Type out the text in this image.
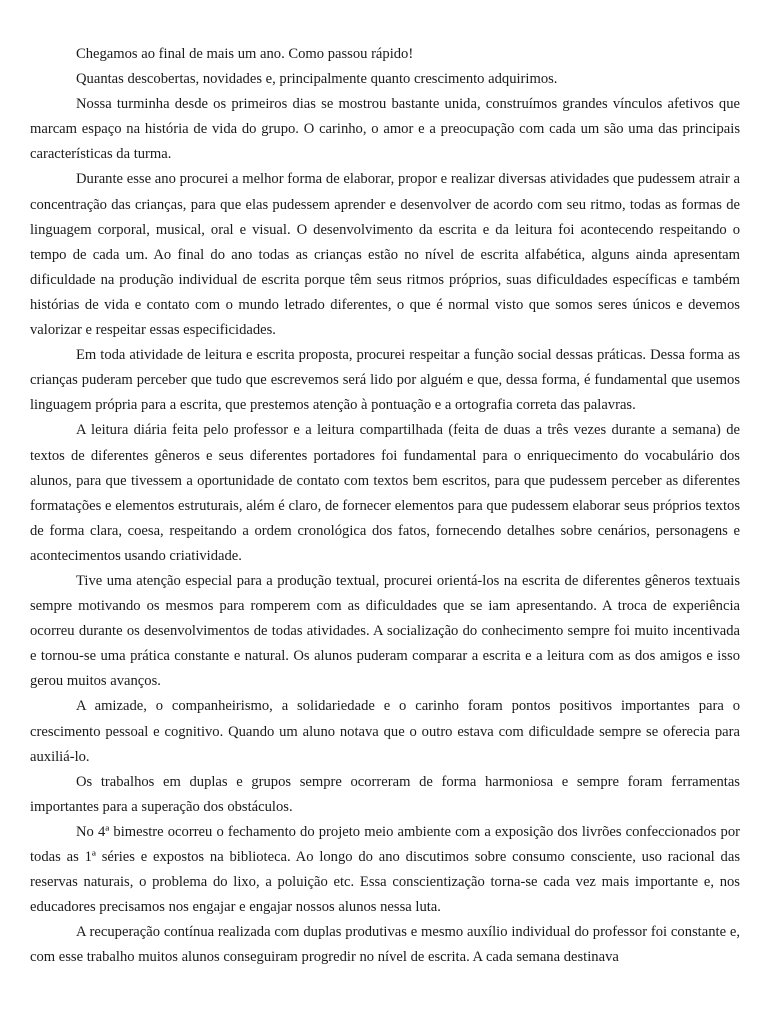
Chegamos ao final de mais um ano. Como passou rápido!

Quantas descobertas, novidades e, principalmente quanto crescimento adquirimos.

Nossa turminha desde os primeiros dias se mostrou bastante unida, construímos grandes vínculos afetivos que marcam espaço na história de vida do grupo. O carinho, o amor e a preocupação com cada um são uma das principais características da turma.

Durante esse ano procurei a melhor forma de elaborar, propor e realizar diversas atividades que pudessem atrair a concentração das crianças, para que elas pudessem aprender e desenvolver de acordo com seu ritmo, todas as formas de linguagem corporal, musical, oral e visual. O desenvolvimento da escrita e da leitura foi acontecendo respeitando o tempo de cada um. Ao final do ano todas as crianças estão no nível de escrita alfabética, alguns ainda apresentam dificuldade na produção individual de escrita porque têm seus ritmos próprios, suas dificuldades específicas e também histórias de vida e contato com o mundo letrado diferentes, o que é normal visto que somos seres únicos e devemos valorizar e respeitar essas especificidades.

Em toda atividade de leitura e escrita proposta, procurei respeitar a função social dessas práticas. Dessa forma as crianças puderam perceber que tudo que escrevemos será lido por alguém e que, dessa forma, é fundamental que usemos linguagem própria para a escrita, que prestemos atenção à pontuação e a ortografia correta das palavras.

A leitura diária feita pelo professor e a leitura compartilhada (feita de duas a três vezes durante a semana) de textos de diferentes gêneros e seus diferentes portadores foi fundamental para o enriquecimento do vocabulário dos alunos, para que tivessem a oportunidade de contato com textos bem escritos, para que pudessem perceber as diferentes formatações e elementos estruturais, além é claro, de fornecer elementos para que pudessem elaborar seus próprios textos de forma clara, coesa, respeitando a ordem cronológica dos fatos, fornecendo detalhes sobre cenários, personagens e acontecimentos usando criatividade.

Tive uma atenção especial para a produção textual, procurei orientá-los na escrita de diferentes gêneros textuais sempre motivando os mesmos para romperem com as dificuldades que se iam apresentando. A troca de experiência ocorreu durante os desenvolvimentos de todas atividades. A socialização do conhecimento sempre foi muito incentivada e tornou-se uma prática constante e natural. Os alunos puderam comparar a escrita e a leitura com as dos amigos e isso gerou muitos avanços.

A amizade, o companheirismo, a solidariedade e o carinho foram pontos positivos importantes para o crescimento pessoal e cognitivo. Quando um aluno notava que o outro estava com dificuldade sempre se oferecia para auxiliá-lo.

Os trabalhos em duplas e grupos sempre ocorreram de forma harmoniosa e sempre foram ferramentas importantes para a superação dos obstáculos.

No 4ª bimestre ocorreu o fechamento do projeto meio ambiente com a exposição dos livrões confeccionados por todas as 1ª séries e expostos na biblioteca. Ao longo do ano discutimos sobre consumo consciente, uso racional das reservas naturais, o problema do lixo, a poluição etc. Essa conscientização torna-se cada vez mais importante e, nos educadores precisamos nos engajar e engajar nossos alunos nessa luta.

A recuperação contínua realizada com duplas produtivas e mesmo auxílio individual do professor foi constante e, com esse trabalho muitos alunos conseguiram progredir no nível de escrita. A cada semana destinava
